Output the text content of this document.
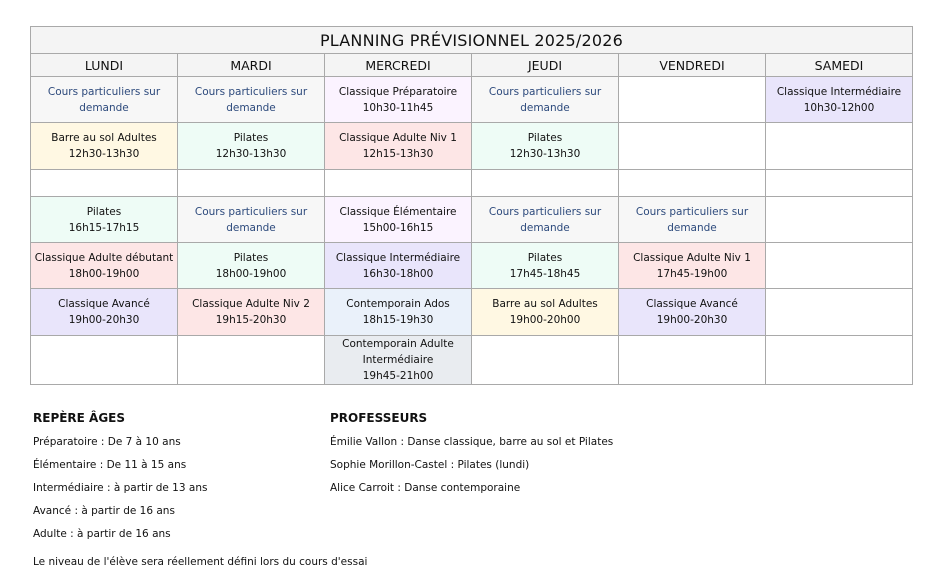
PLANNING PRÉVISIONNEL 2025/2026					
LUNDI	MARDI	MERCREDI	JEUDI	VENDREDI	SAMEDI

Cours particuliers sur
demande	Cours particuliers sur
demande	Classique Préparatoire
10h30-11h45	Cours particuliers sur
demande		Classique Intermédiaire
10h30-12h00

Barre au sol Adultes
12h30-13h30	Pilates
12h30-13h30	Classique Adulte Niv 1
12h15-13h30	Pilates
12h30-13h30		

Pilates
16h15-17h15	Cours particuliers sur
demande	Classique Élémentaire
15h00-16h15	Cours particuliers sur
demande	Cours particuliers sur
demande	

Classique Adulte débutant
18h00-19h00	Pilates
18h00-19h00	Classique Intermédiaire
16h30-18h00	Pilates
17h45-18h45	Classique Adulte Niv 1
17h45-19h00	

Classique Avancé
19h00-20h30	Classique Adulte Niv 2
19h15-20h30	Contemporain Ados
18h15-19h30	Barre au sol Adultes
19h00-20h00	Classique Avancé
19h00-20h30	

		Contemporain Adulte
Intermédiaire
19h45-21h00			

REPÈRE ÂGES
Préparatoire : De 7 à 10 ans
Élémentaire : De 11 à 15 ans
Intermédiaire : à partir de 13 ans
Avancé : à partir de 16 ans
Adulte : à partir de 16 ans
PROFESSEURS
Émilie Vallon : Danse classique, barre au sol et Pilates
Sophie Morillon-Castel : Pilates (lundi)
Alice Carroit : Danse contemporaine
Le niveau de l'élève sera réellement défini lors du cours d'essai
